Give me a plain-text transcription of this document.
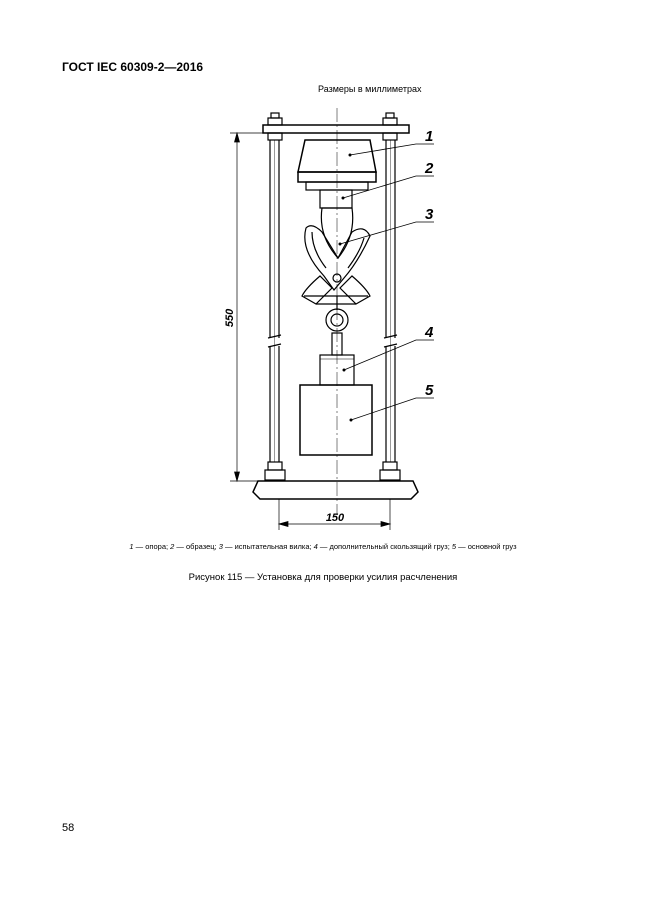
ГОСТ IEC 60309-2—2016
Размеры в миллиметрах
1
2
3
4
5
550
150
1 — опора; 2 — образец; 3 — испытательная вилка; 4 — дополнительный скользящий груз; 5 — основной груз
Рисунок 115 — Установка для проверки усилия расчленения
58
